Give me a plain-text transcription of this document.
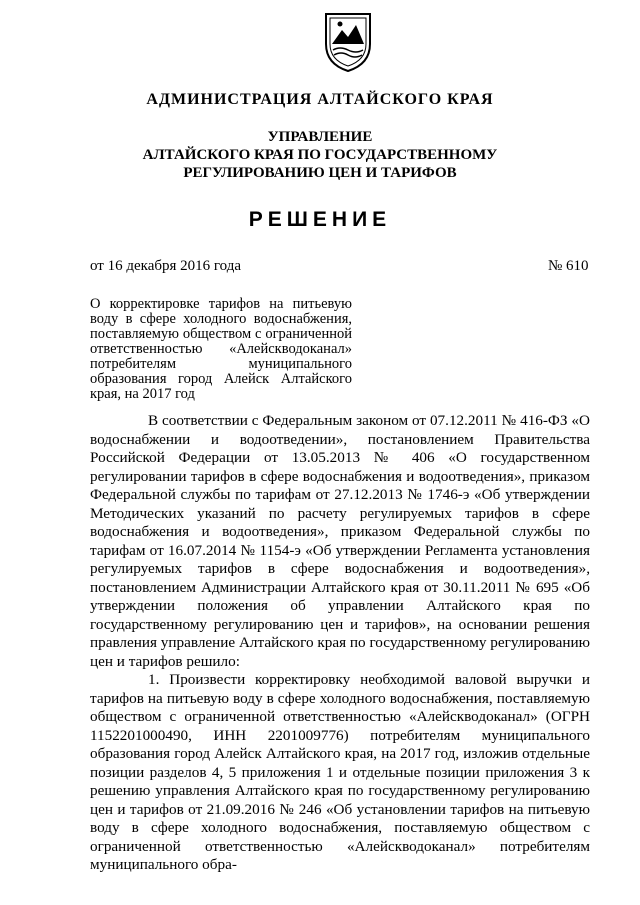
АДМИНИСТРАЦИЯ АЛТАЙСКОГО КРАЯ
УПРАВЛЕНИЕ
АЛТАЙСКОГО КРАЯ ПО ГОСУДАРСТВЕННОМУ
РЕГУЛИРОВАНИЮ ЦЕН И ТАРИФОВ
РЕШЕНИЕ
от 16 декабря 2016 года	№ 610
О корректировке тарифов на питьевую воду в сфере холодного водоснабжения, поставляемую обществом с ограниченной ответственностью «Алейскводоканал» потребителям муниципального образования город Алейск Алтайского края, на 2017 год

В соответствии с Федеральным законом от 07.12.2011 № 416-ФЗ «О водоснабжении и водоотведении», постановлением Правительства Российской Федерации от 13.05.2013 № 406 «О государственном регулировании тарифов в сфере водоснабжения и водоотведения», приказом Федеральной службы по тарифам от 27.12.2013 № 1746-э «Об утверждении Методических указаний по расчету регулируемых тарифов в сфере водоснабжения и водоотведения», приказом Федеральной службы по тарифам от 16.07.2014 № 1154-э «Об утверждении Регламента установления регулируемых тарифов в сфере водоснабжения и водоотведения», постановлением Администрации Алтайского края от 30.11.2011 № 695 «Об утверждении положения об управлении Алтайского края по государственному регулированию цен и тарифов», на основании решения правления управление Алтайского края по государственному регулированию цен и тарифов решило:

1. Произвести корректировку необходимой валовой выручки и тарифов на питьевую воду в сфере холодного водоснабжения, поставляемую обществом с ограниченной ответственностью «Алейскводоканал» (ОГРН 1152201000490, ИНН 2201009776) потребителям муниципального образования город Алейск Алтайского края, на 2017 год, изложив отдельные позиции разделов 4, 5 приложения 1 и отдельные позиции приложения 3 к решению управления Алтайского края по государственному регулированию цен и тарифов от 21.09.2016 № 246 «Об установлении тарифов на питьевую воду в сфере холодного водоснабжения, поставляемую обществом с ограниченной ответственностью «Алейскводоканал» потребителям муниципального обра-
